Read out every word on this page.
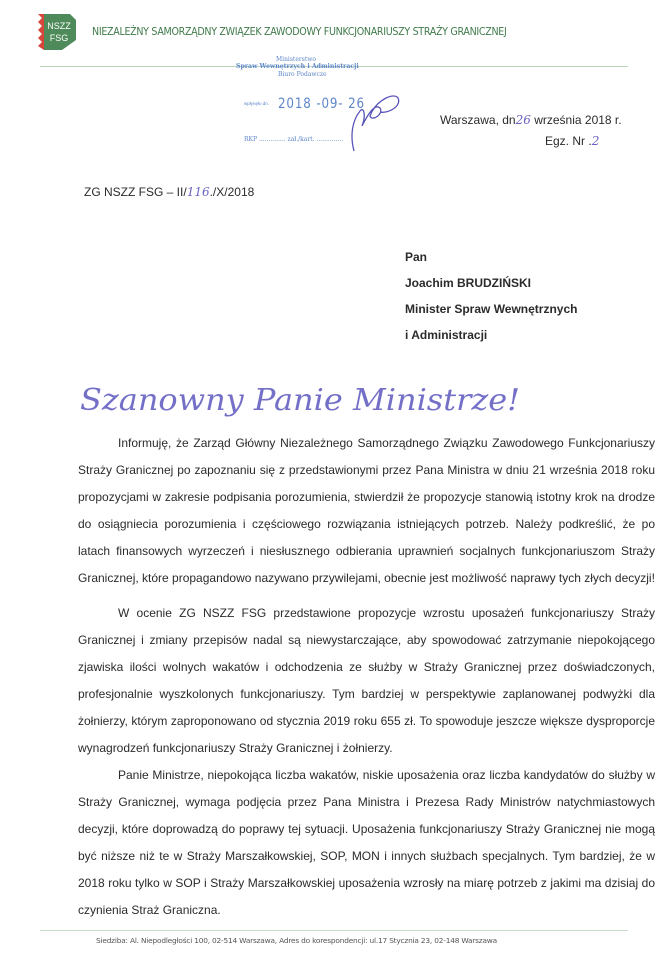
NSZZ
FSG NIEZALEŻNY SAMORZĄDNY ZWIĄZEK ZAWODOWY FUNKCJONARIUSZY STRAŻY GRANICZNEJ
Ministerstwo
Spraw Wewnętrzych i Administracji
Biuro Podawcze
wpłynęło dn. 2018 -09- 26
RKP .............. zał./kart. ..............
Warszawa, dn26 września 2018 r.
Egz. Nr .2
ZG NSZZ FSG – II/116./X/2018
Pan
Joachim BRUDZIŃSKI
Minister Spraw Wewnętrznych
i Administracji
Szanowny Panie Ministrze!

Informuję, że Zarząd Główny Niezależnego Samorządnego Związku Zawodowego Funkcjonariuszy Straży Granicznej po zapoznaniu się z przedstawionymi przez Pana Ministra w dniu 21 września 2018 roku propozycjami w zakresie podpisania porozumienia, stwierdził że propozycje stanowią istotny krok na drodze do osiągniecia porozumienia i częściowego rozwiązania istniejących potrzeb. Należy podkreślić, że po latach finansowych wyrzeczeń i niesłusznego odbierania uprawnień socjalnych funkcjonariuszom Straży Granicznej, które propagandowo nazywano przywilejami, obecnie jest możliwość naprawy tych złych decyzji!

W ocenie ZG NSZZ FSG przedstawione propozycje wzrostu uposażeń funkcjonariuszy Straży Granicznej i zmiany przepisów nadal są niewystarczające, aby spowodować zatrzymanie niepokojącego zjawiska ilości wolnych wakatów i odchodzenia ze służby w Straży Granicznej przez doświadczonych, profesjonalnie wyszkolonych funkcjonariuszy. Tym bardziej w perspektywie zaplanowanej podwyżki dla żołnierzy, którym zaproponowano od stycznia 2019 roku 655 zł. To spowoduje jeszcze większe dysproporcje wynagrodzeń funkcjonariuszy Straży Granicznej i żołnierzy.

Panie Ministrze, niepokojąca liczba wakatów, niskie uposażenia oraz liczba kandydatów do służby w Straży Granicznej, wymaga podjęcia przez Pana Ministra i Prezesa Rady Ministrów natychmiastowych decyzji, które doprowadzą do poprawy tej sytuacji. Uposażenia funkcjonariuszy Straży Granicznej nie mogą być niższe niż te w Straży Marszałkowskiej, SOP, MON i innych służbach specjalnych. Tym bardziej, że w 2018 roku tylko w SOP i Straży Marszałkowskiej uposażenia wzrosły na miarę potrzeb z jakimi ma dzisiaj do czynienia Straż Graniczna.

Siedziba: Al. Niepodległości 100, 02-514 Warszawa, Adres do korespondencji: ul.17 Stycznia 23, 02-148 Warszawa
